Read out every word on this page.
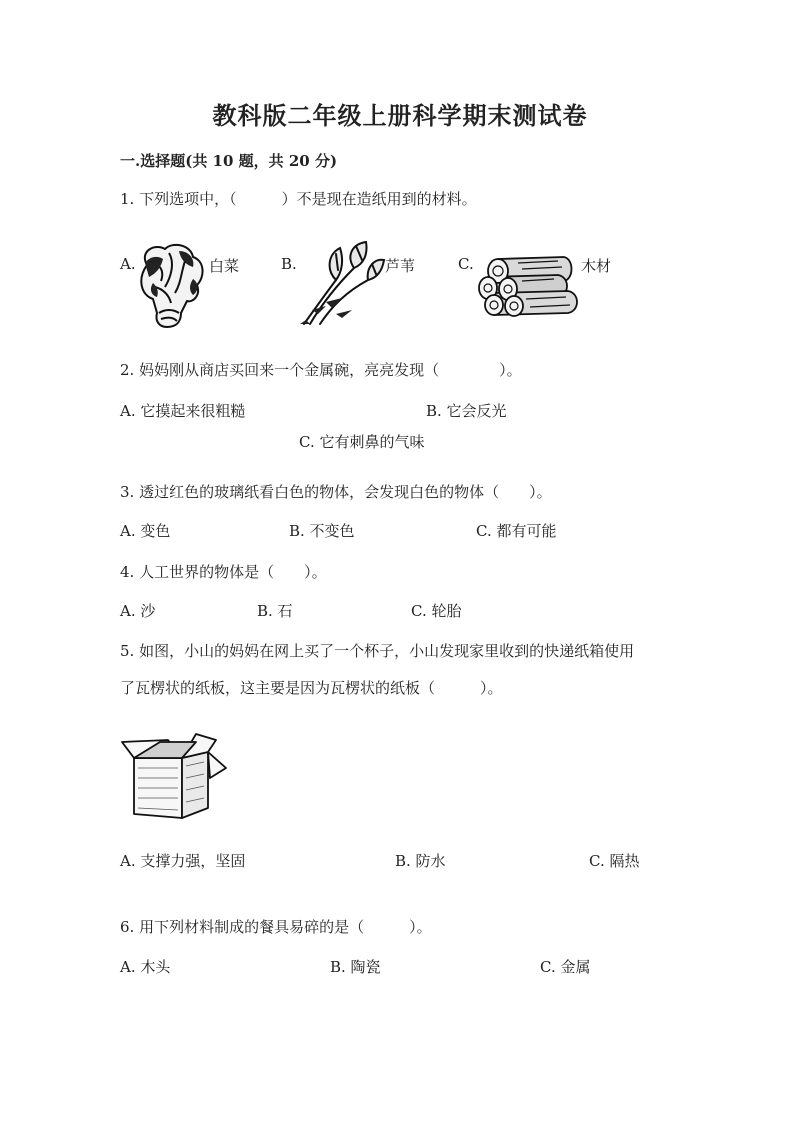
教科版二年级上册科学期末测试卷
一.选择题(共 10 题，共 20 分)
1. 下列选项中，（　　　）不是现在造纸用到的材料。
A.	白菜	B.	芦苇	C.	木材
2. 妈妈刚从商店买回来一个金属碗，亮亮发现（　　　　）。
A. 它摸起来很粗糙	B. 它会反光
C. 它有刺鼻的气味
3. 透过红色的玻璃纸看白色的物体，会发现白色的物体（　　）。
A. 变色	B. 不变色	C. 都有可能
4. 人工世界的物体是（　　）。
A. 沙	B. 石	C. 轮胎
5. 如图，小山的妈妈在网上买了一个杯子，小山发现家里收到的快递纸箱使用
了瓦楞状的纸板，这主要是因为瓦楞状的纸板（　　　）。
A. 支撑力强，坚固	B. 防水	C. 隔热
6. 用下列材料制成的餐具易碎的是（　　　）。
A. 木头	B. 陶瓷	C. 金属
